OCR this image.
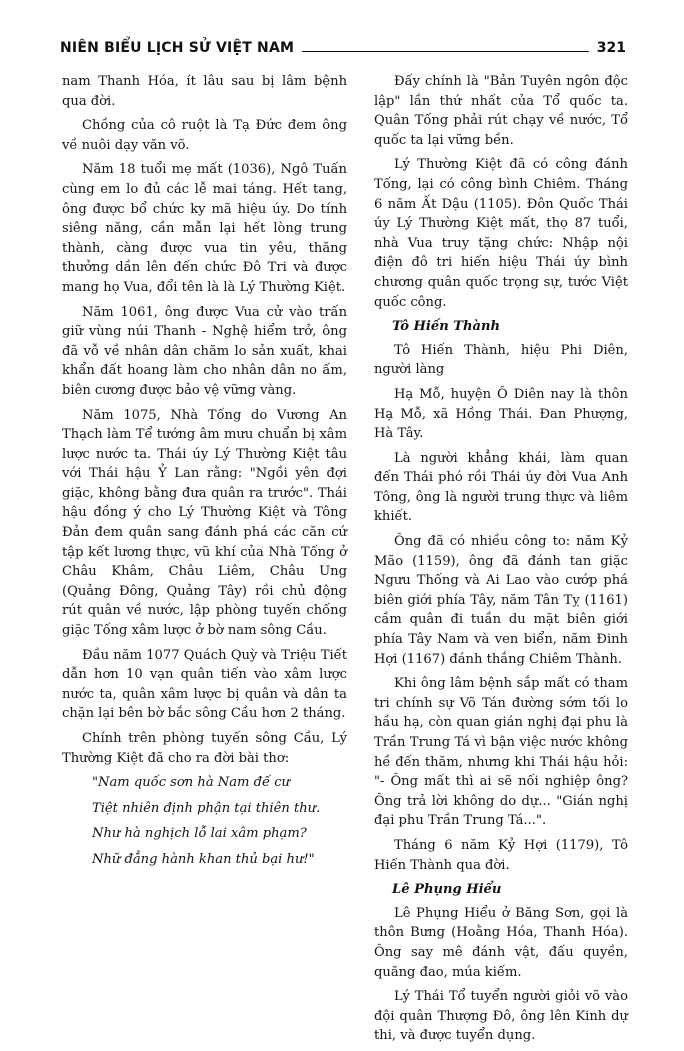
NIÊN BIỂU LỊCH SỬ VIỆT NAM	321

nam Thanh Hóa, ít lâu sau bị lâm bệnh qua đời.

Chồng của cô ruột là Tạ Đức đem ông về nuôi dạy văn võ.

Năm 18 tuổi mẹ mất (1036), Ngô Tuấn cùng em lo đủ các lễ mai táng. Hết tang, ông được bổ chức ky mã hiệu úy. Do tính siêng năng, cần mẫn lại hết lòng trung thành, càng được vua tin yêu, thăng thưởng dần lên đến chức Đô Tri và được mang họ Vua, đổi tên là là Lý Thường Kiệt.

Năm 1061, ông được Vua cử vào trấn giữ vùng núi Thanh - Nghệ hiểm trở, ông đã vỗ về nhân dân chăm lo sản xuất, khai khẩn đất hoang làm cho nhân dân no ấm, biên cương được bảo vệ vững vàng.

Năm 1075, Nhà Tống do Vương An Thạch làm Tể tướng âm mưu chuẩn bị xâm lược nước ta. Thái úy Lý Thường Kiệt tâu với Thái hậu Ỷ Lan rằng: "Ngồi yên đợi giặc, không bằng đưa quân ra trước". Thái hậu đồng ý cho Lý Thường Kiệt và Tông Đản đem quân sang đánh phá các căn cứ tập kết lương thực, vũ khí của Nhà Tống ở Châu Khâm, Châu Liêm, Châu Ung (Quảng Đông, Quảng Tây) rồi chủ động rút quân về nước, lập phòng tuyến chống giặc Tống xâm lược ở bờ nam sông Cầu.

Đầu năm 1077 Quách Quỳ và Triệu Tiết dẫn hơn 10 vạn quân tiến vào xâm lược nước ta, quân xâm lược bị quân và dân ta chặn lại bên bờ bắc sông Cầu hơn 2 tháng.

Chính trên phòng tuyến sông Cầu, Lý Thường Kiệt đã cho ra đời bài thơ:

"Nam quốc sơn hà Nam đế cư

Tiệt nhiên định phận tại thiên thư.

Như hà nghịch lỗ lai xâm phạm?

Nhữ đẳng hành khan thủ bại hư!"

Đấy chính là "Bản Tuyên ngôn độc lập" lần thứ nhất của Tổ quốc ta. Quân Tống phải rút chạy về nước, Tổ quốc ta lại vững bền.

Lý Thường Kiệt đã có công đánh Tống, lại có công bình Chiêm. Tháng 6 năm Ất Dậu (1105). Đôn Quốc Thái úy Lý Thường Kiệt mất, thọ 87 tuổi, nhà Vua truy tặng chức: Nhập nội điện đô tri hiến hiệu Thái úy bình chương quân quốc trọng sự, tước Việt quốc công.

Tô Hiến Thành

Tô Hiến Thành, hiệu Phi Diên, người làng

Hạ Mỗ, huyện Ô Diên nay là thôn Hạ Mỗ, xã Hồng Thái. Đan Phượng, Hà Tây.

Là người khẳng khái, làm quan đến Thái phó rồi Thái úy đời Vua Anh Tông, ông là người trung thực và liêm khiết.

Ông đã có nhiều công to: năm Kỷ Mão (1159), ông đã đánh tan giặc Ngưu Thống và Ai Lao vào cướp phá biên giới phía Tây, năm Tân Tỵ (1161) cầm quân đi tuần du mặt biên giới phía Tây Nam và ven biển, năm Đinh Hợi (1167) đánh thắng Chiêm Thành.

Khi ông lâm bệnh sắp mất có tham tri chính sự Võ Tán đường sớm tối lo hầu hạ, còn quan gián nghị đại phu là Trần Trung Tá vì bận việc nước không hề đến thăm, nhưng khi Thái hậu hỏi: "- Ông mất thì ai sẽ nối nghiệp ông? Ông trả lời không do dự... "Gián nghị đại phu Trần Trung Tá...".

Tháng 6 năm Kỷ Hợi (1179), Tô Hiến Thành qua đời.

Lê Phụng Hiểu

Lê Phụng Hiểu ở Băng Sơn, gọi là thôn Bưng (Hoằng Hóa, Thanh Hóa). Ông say mê đánh vật, đấu quyền, quăng đao, múa kiếm.

Lý Thái Tổ tuyển người giỏi võ vào đội quân Thượng Đô, ông lên Kinh dự thi, và được tuyển dụng.
